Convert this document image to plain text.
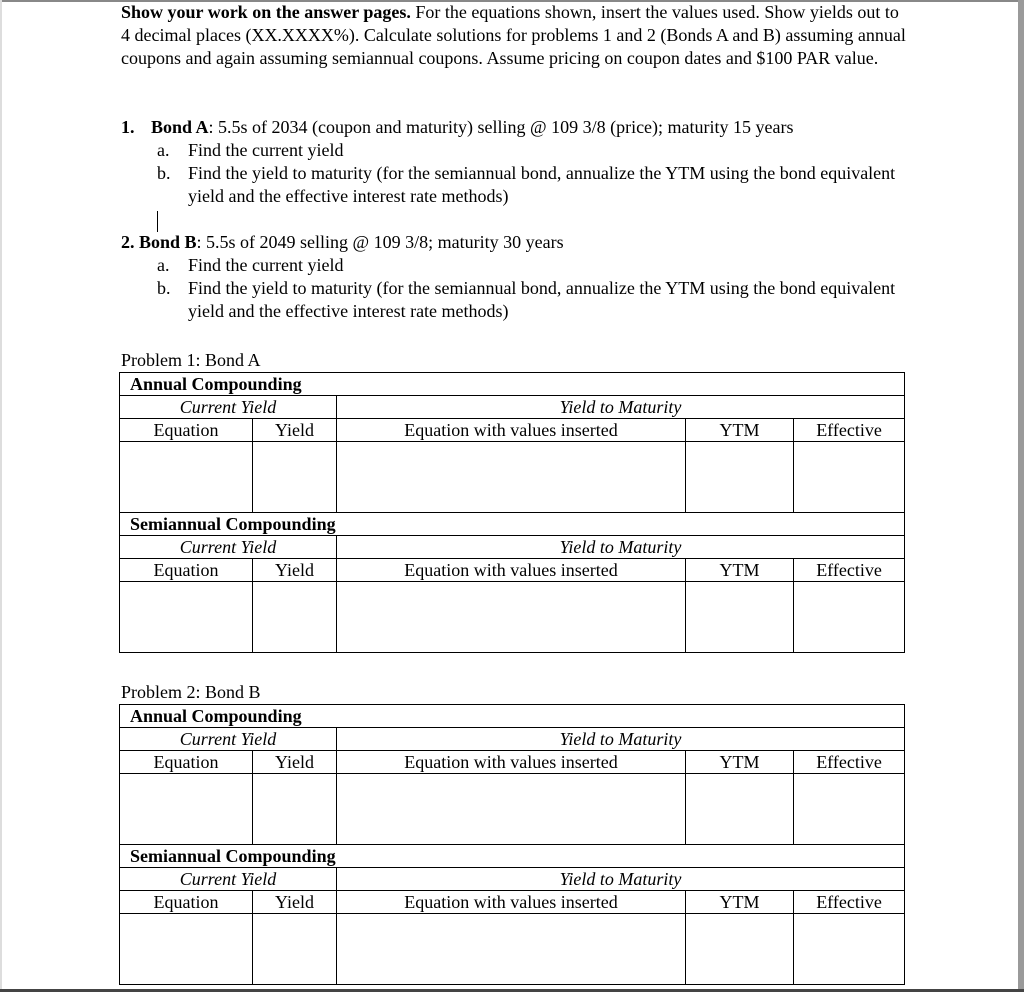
Show your work on the answer pages. For the equations shown, insert the values used. Show yields out to 4 decimal places (XX.XXXX%). Calculate solutions for problems 1 and 2 (Bonds A and B) assuming annual coupons and again assuming semiannual coupons. Assume pricing on coupon dates and $100 PAR value.
1. Bond A: 5.5s of 2034 (coupon and maturity) selling @ 109 3/8 (price); maturity 15 years
a. Find the current yield
b. Find the yield to maturity (for the semiannual bond, annualize the YTM using the bond equivalent yield and the effective interest rate methods)
2. Bond B: 5.5s of 2049 selling @ 109 3/8; maturity 30 years
a. Find the current yield
b. Find the yield to maturity (for the semiannual bond, annualize the YTM using the bond equivalent yield and the effective interest rate methods)
Problem 1: Bond A
Annual Compounding				
Current Yield		Yield to Maturity		
Equation	Yield	Equation with values inserted	YTM	Effective

Semiannual Compounding				
Current Yield		Yield to Maturity		
Equation	Yield	Equation with values inserted	YTM	Effective

Problem 2: Bond B
Annual Compounding				
Current Yield		Yield to Maturity		
Equation	Yield	Equation with values inserted	YTM	Effective

Semiannual Compounding				
Current Yield		Yield to Maturity		
Equation	Yield	Equation with values inserted	YTM	Effective
